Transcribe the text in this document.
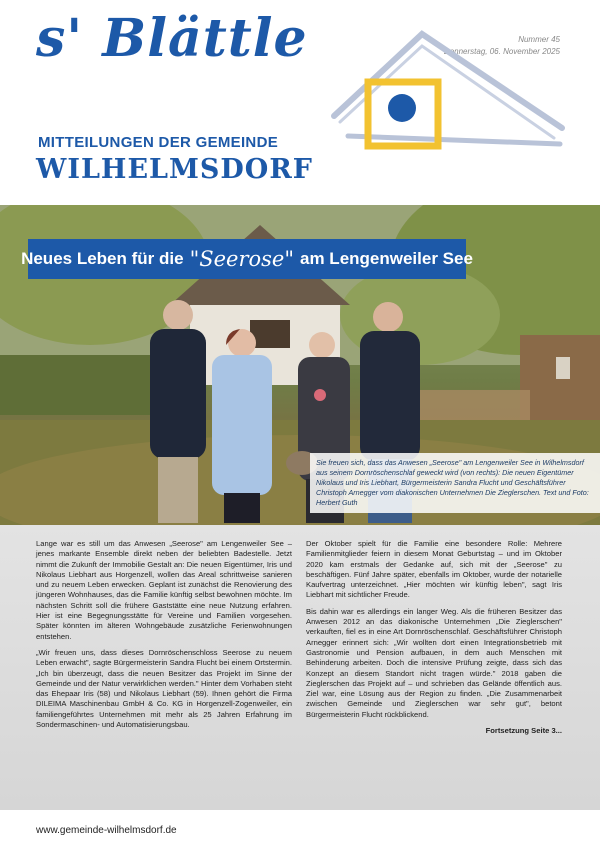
s' Blättle
MITTEILUNGEN DER GEMEINDE
WILHELMSDORF
Nummer 45
Donnerstag, 06. November 2025
Neues Leben für die "Seerose" am Lengenweiler See
Sie freuen sich, dass das Anwesen „Seerose" am Lengenweiler See in Wilhelmsdorf aus seinem Dornröschenschlaf geweckt wird (von rechts): Die neuen Eigentümer Nikolaus und Iris Liebhart, Bürgermeisterin Sandra Flucht und Geschäftsführer Christoph Arnegger vom diakonischen Unternehmen Die Zieglerschen. Text und Foto: Herbert Guth

Lange war es still um das Anwesen „Seerose" am Lengenweiler See – jenes markante Ensemble direkt neben der beliebten Badestelle. Jetzt nimmt die Zukunft der Immobilie Gestalt an: Die neuen Eigentümer, Iris und Nikolaus Liebhart aus Horgenzell, wollen das Areal schrittweise sanieren und zu neuem Leben erwecken. Geplant ist zunächst die Renovierung des jüngeren Wohnhauses, das die Familie künftig selbst bewohnen möchte. Im nächsten Schritt soll die frühere Gaststätte eine neue Nutzung erfahren. Hier ist eine Begegnungsstätte für Vereine und Familien vorgesehen. Später könnten im älteren Wohngebäude zusätzliche Ferienwohnungen entstehen.

„Wir freuen uns, dass dieses Dornröschenschloss Seerose zu neuem Leben erwacht", sagte Bürgermeisterin Sandra Flucht bei einem Ortstermin. „Ich bin überzeugt, dass die neuen Besitzer das Projekt im Sinne der Gemeinde und der Natur verwirklichen werden." Hinter dem Vorhaben steht das Ehepaar Iris (58) und Nikolaus Liebhart (59). Ihnen gehört die Firma DILEIMA Maschinenbau GmbH & Co. KG in Horgenzell-Zogenweiler, ein familiengeführtes Unternehmen mit mehr als 25 Jahren Erfahrung im Sondermaschinen- und Automatisierungsbau.

Der Oktober spielt für die Familie eine besondere Rolle: Mehrere Familienmitglieder feiern in diesem Monat Geburtstag – und im Oktober 2020 kam erstmals der Gedanke auf, sich mit der „Seerose" zu beschäftigen. Fünf Jahre später, ebenfalls im Oktober, wurde der notarielle Kaufvertrag unterzeichnet. „Hier möchten wir künftig leben", sagt Iris Liebhart mit sichtlicher Freude.

Bis dahin war es allerdings ein langer Weg. Als die früheren Besitzer das Anwesen 2012 an das diakonische Unternehmen „Die Zieglerschen" verkauften, fiel es in eine Art Dornröschenschlaf. Geschäftsführer Christoph Arnegger erinnert sich: „Wir wollten dort einen Integrationsbetrieb mit Gastronomie und Pension aufbauen, in dem auch Menschen mit Behinderung arbeiten. Doch die intensive Prüfung zeigte, dass sich das Konzept an diesem Standort nicht tragen würde." 2018 gaben die Zieglerschen das Projekt auf – und schrieben das Gelände öffentlich aus. Ziel war, eine Lösung aus der Region zu finden. „Die Zusammenarbeit zwischen Gemeinde und Zieglerschen war sehr gut", betont Bürgermeisterin Flucht rückblickend.

Fortsetzung Seite 3...
www.gemeinde-wilhelmsdorf.de
